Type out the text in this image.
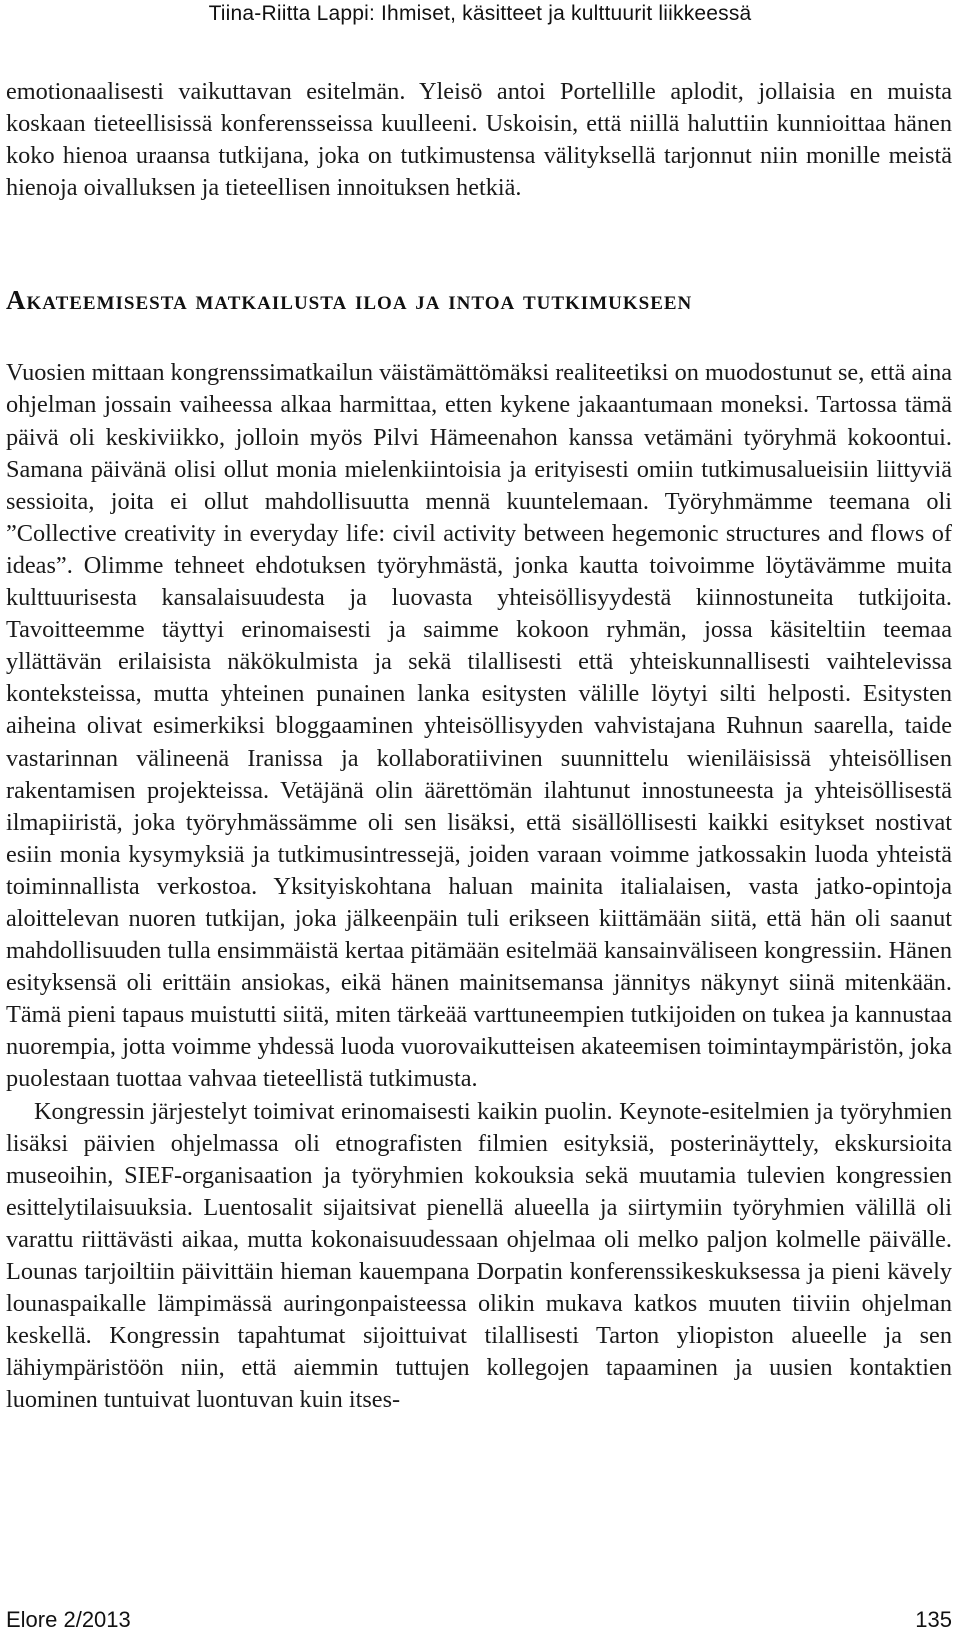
Tiina-Riitta Lappi: Ihmiset, käsitteet ja kulttuurit liikkeessä

emotionaalisesti vaikuttavan esitelmän. Yleisö antoi Portellille aplodit, jollaisia en muista koskaan tieteellisissä konferensseissa kuulleeni. Uskoisin, että niillä haluttiin kunnioittaa hänen koko hienoa uraansa tutkijana, joka on tutkimustensa välityksellä tarjonnut niin monille meistä hienoja oivalluksen ja tieteellisen innoituksen hetkiä.

Akateemisesta matkailusta iloa ja intoa tutkimukseen

Vuosien mittaan kongrenssimatkailun väistämättömäksi realiteetiksi on muodostunut se, että aina ohjelman jossain vaiheessa alkaa harmittaa, etten kykene jakaantumaan moneksi. Tartossa tämä päivä oli keskiviikko, jolloin myös Pilvi Hämeenahon kanssa vetämäni työryhmä kokoontui. Samana päivänä olisi ollut monia mielenkiintoisia ja erityisesti omiin tutkimusalueisiin liittyviä sessioita, joita ei ollut mahdollisuutta mennä kuuntelemaan. Työryhmämme teemana oli ”Collective creativity in everyday life: civil activity between hegemonic structures and flows of ideas”. Olimme tehneet ehdotuksen työryhmästä, jonka kautta toivoimme löytävämme muita kulttuurisesta kansalaisuudesta ja luovasta yhteisöllisyydestä kiinnostuneita tutkijoita. Tavoitteemme täyttyi erinomaisesti ja saimme kokoon ryhmän, jossa käsiteltiin teemaa yllättävän erilaisista näkökulmista ja sekä tilallisesti että yhteiskunnallisesti vaihtelevissa konteksteissa, mutta yhteinen punainen lanka esitysten välille löytyi silti helposti. Esitysten aiheina olivat esimerkiksi bloggaaminen yhteisöllisyyden vahvistajana Ruhnun saarella, taide vastarinnan välineenä Iranissa ja kollaboratiivinen suunnittelu wieniläisissä yhteisöllisen rakentamisen projekteissa. Vetäjänä olin äärettömän ilahtunut innostuneesta ja yhteisöllisestä ilmapiiristä, joka työryhmässämme oli sen lisäksi, että sisällöllisesti kaikki esitykset nostivat esiin monia kysymyksiä ja tutkimusintressejä, joiden varaan voimme jatkossakin luoda yhteistä toiminnallista verkostoa. Yksityiskohtana haluan mainita italialaisen, vasta jatko-opintoja aloittelevan nuoren tutkijan, joka jälkeenpäin tuli erikseen kiittämään siitä, että hän oli saanut mahdollisuuden tulla ensimmäistä kertaa pitämään esitelmää kansainväliseen kongressiin. Hänen esityksensä oli erittäin ansiokas, eikä hänen mainitsemansa jännitys näkynyt siinä mitenkään. Tämä pieni tapaus muistutti siitä, miten tärkeää varttuneempien tutkijoiden on tukea ja kannustaa nuorempia, jotta voimme yhdessä luoda vuorovaikutteisen akateemisen toimintaympäristön, joka puolestaan tuottaa vahvaa tieteellistä tutkimusta.

Kongressin järjestelyt toimivat erinomaisesti kaikin puolin. Keynote-esitelmien ja työryhmien lisäksi päivien ohjelmassa oli etnografisten filmien esityksiä, posterinäyttely, ekskursioita museoihin, SIEF-organisaation ja työryhmien kokouksia sekä muutamia tulevien kongressien esittelytilaisuuksia. Luentosalit sijaitsivat pienellä alueella ja siirtymiin työryhmien välillä oli varattu riittävästi aikaa, mutta kokonaisuudessaan ohjelmaa oli melko paljon kolmelle päivälle. Lounas tarjoiltiin päivittäin hieman kauempana Dorpatin konferenssikeskuksessa ja pieni kävely lounaspaikalle lämpimässä auringonpaisteessa olikin mukava katkos muuten tiiviin ohjelman keskellä. Kongressin tapahtumat sijoittuivat tilallisesti Tarton yliopiston alueelle ja sen lähiympäristöön niin, että aiemmin tuttujen kollegojen tapaaminen ja uusien kontaktien luominen tuntuivat luontuvan kuin itses-

Elore 2/2013	135
